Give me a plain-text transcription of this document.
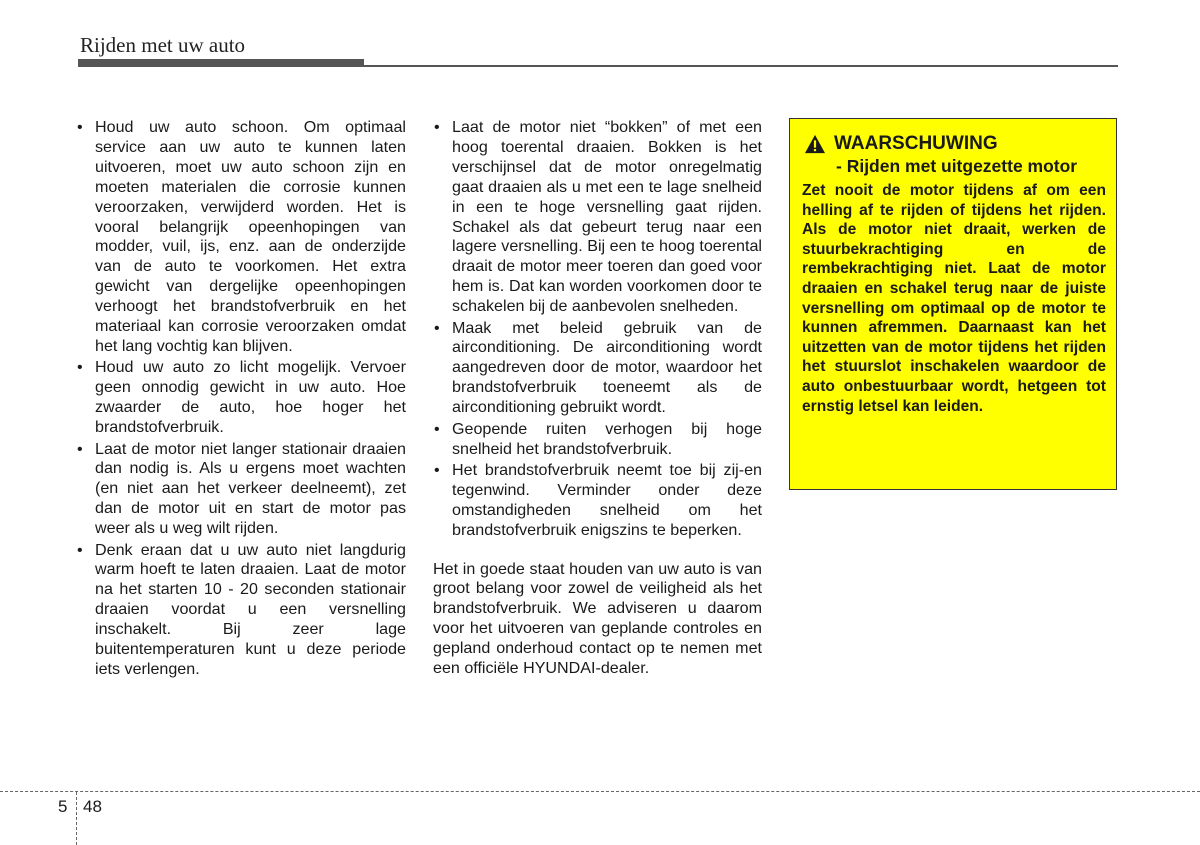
Rijden met uw auto
• Houd uw auto schoon. Om optimaal service aan uw auto te kunnen laten uitvoeren, moet uw auto schoon zijn en moeten materialen die corrosie kunnen veroorzaken, verwijderd worden. Het is vooral belangrijk opeenhopingen van modder, vuil, ijs, enz. aan de onderzijde van de auto te voorkomen. Het extra gewicht van dergelijke opeenhopingen verhoogt het brandstofverbruik en het materiaal kan corrosie veroorzaken omdat het lang vochtig kan blijven.
• Houd uw auto zo licht mogelijk. Vervoer geen onnodig gewicht in uw auto. Hoe zwaarder de auto, hoe hoger het brandstofverbruik.
• Laat de motor niet langer stationair draaien dan nodig is. Als u ergens moet wachten (en niet aan het verkeer deelneemt), zet dan de motor uit en start de motor pas weer als u weg wilt rijden.
• Denk eraan dat u uw auto niet langdurig warm hoeft te laten draaien. Laat de motor na het starten 10 - 20 seconden stationair draaien voordat u een versnelling inschakelt. Bij zeer lage buitentemperaturen kunt u deze periode iets verlengen.
• Laat de motor niet “bokken” of met een hoog toerental draaien. Bokken is het verschijnsel dat de motor onregelmatig gaat draaien als u met een te lage snelheid in een te hoge versnelling gaat rijden. Schakel als dat gebeurt terug naar een lagere versnelling. Bij een te hoog toerental draait de motor meer toeren dan goed voor hem is. Dat kan worden voorkomen door te schakelen bij de aanbevolen snelheden.
• Maak met beleid gebruik van de airconditioning. De airconditioning wordt aangedreven door de motor, waardoor het brandstofverbruik toeneemt als de airconditioning gebruikt wordt.
• Geopende ruiten verhogen bij hoge snelheid het brandstofverbruik.
• Het brandstofverbruik neemt toe bij zij-en tegenwind. Verminder onder deze omstandigheden snelheid om het brandstofverbruik enigszins te beperken.

Het in goede staat houden van uw auto is van groot belang voor zowel de veiligheid als het brandstofverbruik. We adviseren u daarom voor het uitvoeren van geplande controles en gepland onderhoud contact op te nemen met een officiële HYUNDAI-dealer.

WAARSCHUWING
- Rijden met uitgezette motor
Zet nooit de motor tijdens af om een helling af te rijden of tijdens het rijden. Als de motor niet draait, werken de stuurbekrachtiging en de rembekrachtiging niet. Laat de motor draaien en schakel terug naar de juiste versnelling om optimaal op de motor te kunnen afremmen. Daarnaast kan het uitzetten van de motor tijdens het rijden het stuurslot inschakelen waardoor de auto onbestuurbaar wordt, hetgeen tot ernstig letsel kan leiden.
5 48
